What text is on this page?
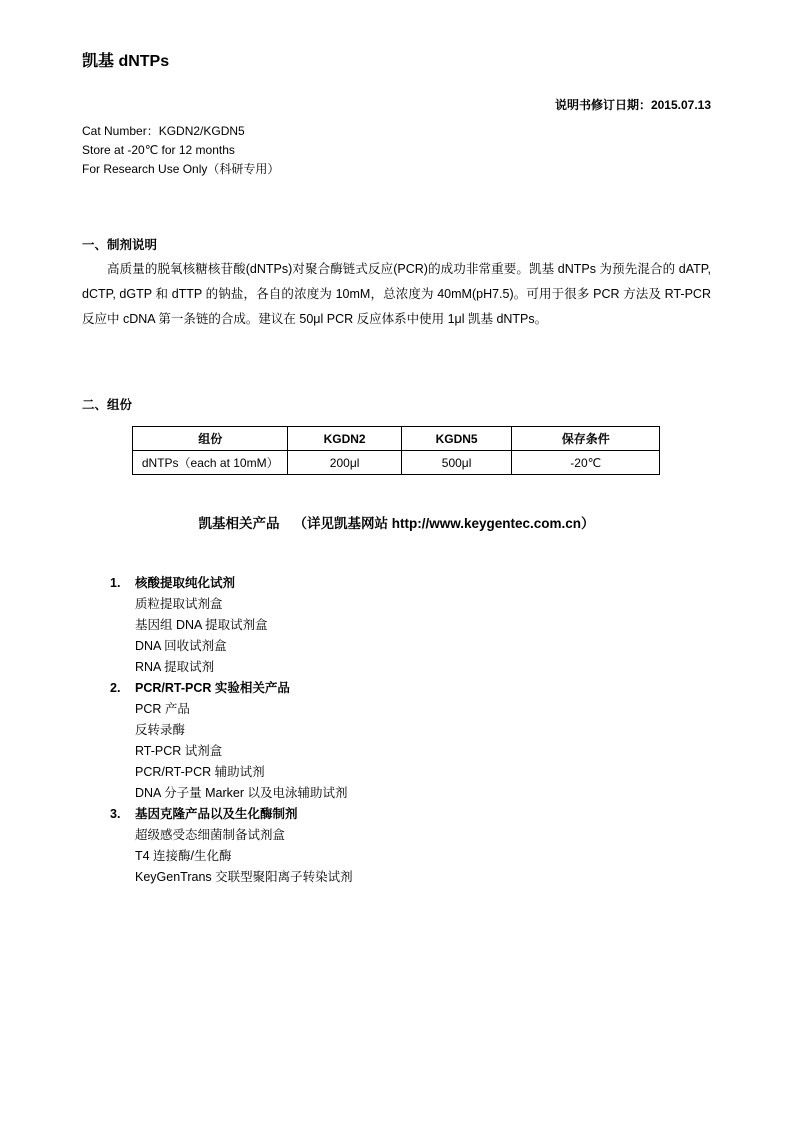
凯基 dNTPs
说明书修订日期：2015.07.13
Cat Number：KGDN2/KGDN5
Store at -20℃ for 12 months
For Research Use Only（科研专用）
一、制剂说明

高质量的脱氧核糖核苷酸(dNTPs)对聚合酶链式反应(PCR)的成功非常重要。凯基 dNTPs 为预先混合的 dATP, dCTP, dGTP 和 dTTP 的钠盐，各自的浓度为 10mM，总浓度为 40mM(pH7.5)。可用于很多 PCR 方法及 RT-PCR 反应中 cDNA 第一条链的合成。建议在 50μl PCR 反应体系中使用 1μl 凯基 dNTPs。

二、组份
组份	KGDN2	KGDN5	保存条件
dNTPs（each at 10mM）	200μl	500μl	-20℃
凯基相关产品 （详见凯基网站 http://www.keygentec.com.cn）
1.	核酸提取纯化试剂
质粒提取试剂盒
基因组 DNA 提取试剂盒
DNA 回收试剂盒
RNA 提取试剂
2.	PCR/RT-PCR 实验相关产品
PCR 产品
反转录酶
RT-PCR 试剂盒
PCR/RT-PCR 辅助试剂
DNA 分子量 Marker 以及电泳辅助试剂
3.	基因克隆产品以及生化酶制剂
超级感受态细菌制备试剂盒
T4 连接酶/生化酶
KeyGenTrans 交联型聚阳离子转染试剂
